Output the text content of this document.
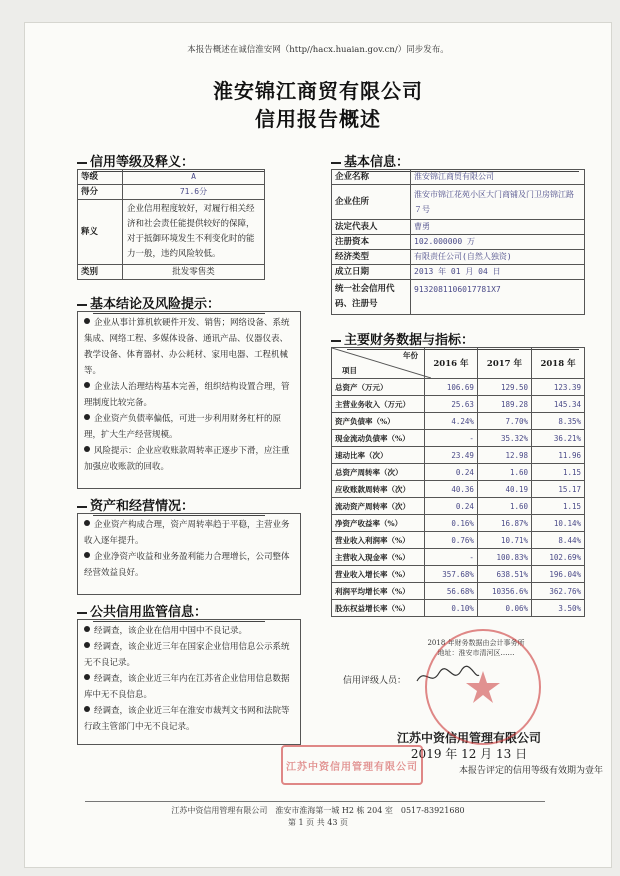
本报告概述在诚信淮安网（http//hacx.huaian.gov.cn/）同步发布。
淮安锦江商贸有限公司
信用报告概述
信用等级及释义：
等级	A
得分	71.6分
释义	企业信用程度较好，对履行相关经济和社会责任能提供较好的保障，对于抵御环境发生不利变化时的能力一般，违约风险较低。
类别	批发零售类
基本结论及风险提示：

企业从事计算机软硬件开发、销售；网络设备、系统集成、网络工程、多媒体设备、通讯产品、仪器仪表、教学设备、体育器材、办公耗材、家用电器、工程机械等。

企业法人治理结构基本完善，组织结构设置合理，管理制度比较完备。

企业资产负债率偏低，可进一步利用财务杠杆的原理，扩大生产经营规模。

风险提示：企业应收账款周转率正逐步下滑，应注重加强应收账款的回收。

资产和经营情况：

企业资产构成合理，资产周转率趋于平稳，主营业务收入逐年提升。

企业净资产收益和业务盈利能力合理增长，公司整体经营效益良好。

公共信用监管信息：

经调查，该企业在信用中国中不良记录。

经调查，该企业近三年在国家企业信用信息公示系统无不良记录。

经调查，该企业近三年内在江苏省企业信用信息数据库中无不良信息。

经调查，该企业近三年在淮安市裁判文书网和法院等行政主管部门中无不良记录。

基本信息：
企业名称	淮安锦江商贸有限公司
企业住所	淮安市锦江花苑小区大门商铺及门卫房锦江路７号
法定代表人	曹勇
注册资本	102.000000 万
经济类型	有限责任公司(自然人独资)
成立日期	2013 年 01 月 04 日
统一社会信用代码、注册号	9132081106017781X7
主要财务数据与指标：
年份
项目	2016 年	2017 年	2018 年
总资产（万元）	106.69	129.50	123.39
主营业务收入（万元）	25.63	189.28	145.34
资产负债率（%）	4.24%	7.70%	8.35%
现金流动负债率（%）	-	35.32%	36.21%
速动比率（次）	23.49	12.98	11.96
总资产周转率（次）	0.24	1.60	1.15
应收账款周转率（次）	40.36	40.19	15.17
流动资产周转率（次）	0.24	1.60	1.15
净资产收益率（%）	0.16%	16.87%	10.14%
营业收入利润率（%）	0.76%	10.71%	8.44%
主营收入现金率（%）	-	100.83%	102.69%
营业收入增长率（%）	357.68%	638.51%	196.04%
利润平均增长率（%）	56.68%	10356.6%	362.76%
股东权益增长率（%）	0.10%	0.06%	3.50%
2018 年财务数据由会计事务所
地址：淮安市清河区……
信用评级人员：
江苏中资信用管理有限公司
2019 年 12 月 13 日
本报告评定的信用等级有效期为壹年
江苏中资信用管理有限公司
江苏中资信用管理有限公司　淮安市淮海第一城 H2 栋 204 室　0517-83921680
第 1 页 共 43 页
